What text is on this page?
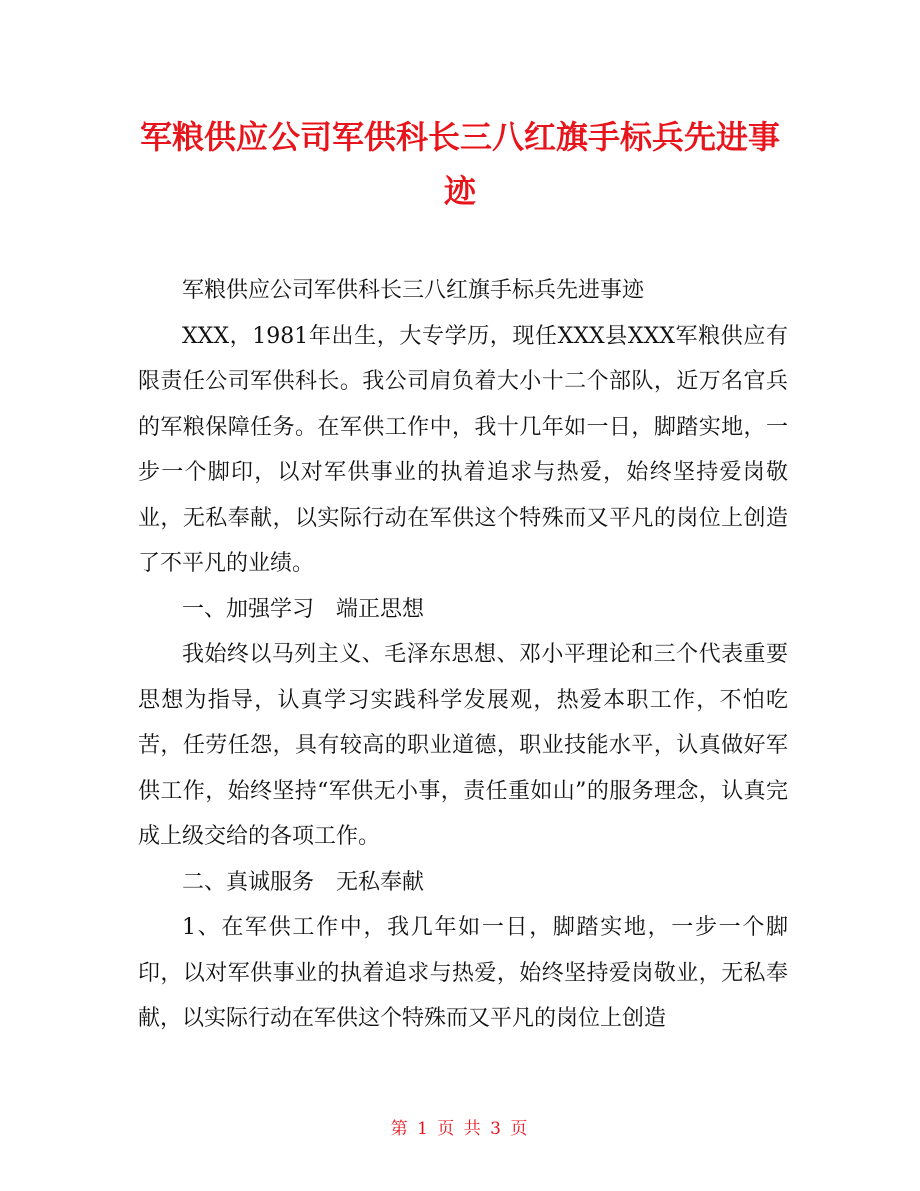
军粮供应公司军供科长三八红旗手标兵先进事迹

军粮供应公司军供科长三八红旗手标兵先进事迹

XXX，1981年出生，大专学历，现任XXX县XXX军粮供应有限责任公司军供科长。我公司肩负着大小十二个部队，近万名官兵的军粮保障任务。在军供工作中，我十几年如一日，脚踏实地，一步一个脚印，以对军供事业的执着追求与热爱，始终坚持爱岗敬业，无私奉献，以实际行动在军供这个特殊而又平凡的岗位上创造了不平凡的业绩。

一、加强学习　端正思想

我始终以马列主义、毛泽东思想、邓小平理论和三个代表重要思想为指导，认真学习实践科学发展观，热爱本职工作，不怕吃苦，任劳任怨，具有较高的职业道德，职业技能水平，认真做好军供工作，始终坚持“军供无小事，责任重如山”的服务理念，认真完成上级交给的各项工作。

二、真诚服务　无私奉献

1、在军供工作中，我几年如一日，脚踏实地，一步一个脚印，以对军供事业的执着追求与热爱，始终坚持爱岗敬业，无私奉献，以实际行动在军供这个特殊而又平凡的岗位上创造

第 1 页 共 3 页
